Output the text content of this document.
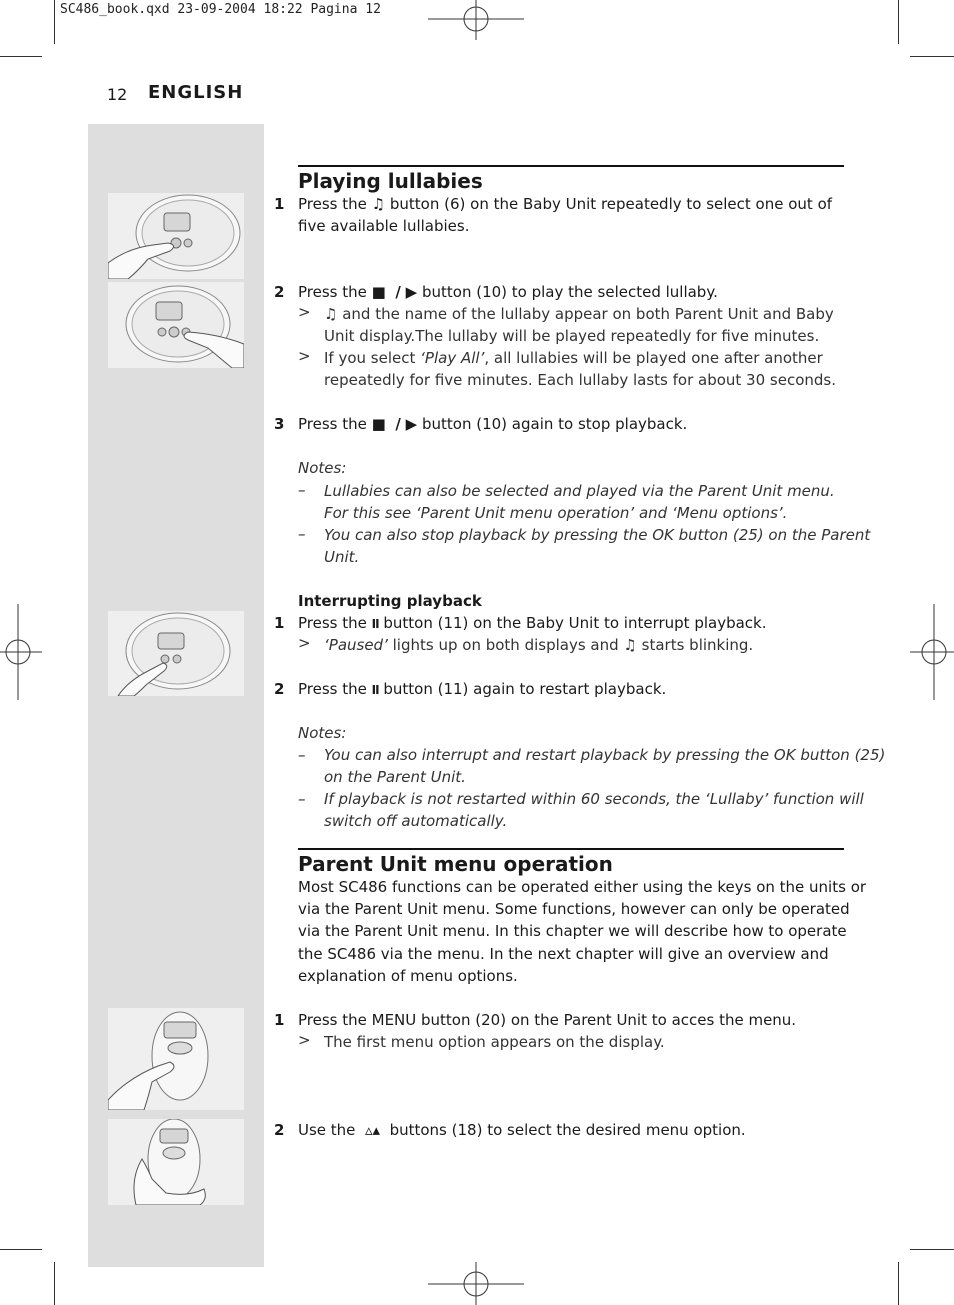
SC486_book.qxd 23-09-2004 18:22 Pagina 12
12 ENGLISH
Playing lullabies
1 Press the ♫ button (6) on the Baby Unit repeatedly to select one out of
five available lullabies.
2 Press the ■ / ▶ button (10) to play the selected lullaby.
> ♫ and the name of the lullaby appear on both Parent Unit and Baby
Unit display.The lullaby will be played repeatedly for five minutes.
> If you select ‘Play All’, all lullabies will be played one after another
repeatedly for five minutes. Each lullaby lasts for about 30 seconds.
3 Press the ■ / ▶ button (10) again to stop playback.
Notes:
– Lullabies can also be selected and played via the Parent Unit menu.
For this see ‘Parent Unit menu operation’ and ‘Menu options’.
– You can also stop playback by pressing the OK button (25) on the Parent
Unit.
Interrupting playback
1 Press the II button (11) on the Baby Unit to interrupt playback.
> ‘Paused’ lights up on both displays and ♫ starts blinking.
2 Press the II button (11) again to restart playback.
Notes:
– You can also interrupt and restart playback by pressing the OK button (25)
on the Parent Unit.
– If playback is not restarted within 60 seconds, the ‘Lullaby’ function will
switch off automatically.
Parent Unit menu operation
Most SC486 functions can be operated either using the keys on the units or
via the Parent Unit menu. Some functions, however can only be operated
via the Parent Unit menu. In this chapter we will describe how to operate
the SC486 via the menu. In the next chapter will give an overview and
explanation of menu options.
1 Press the MENU button (20) on the Parent Unit to acces the menu.
> The first menu option appears on the display.
2 Use the ▵▴ buttons (18) to select the desired menu option.
